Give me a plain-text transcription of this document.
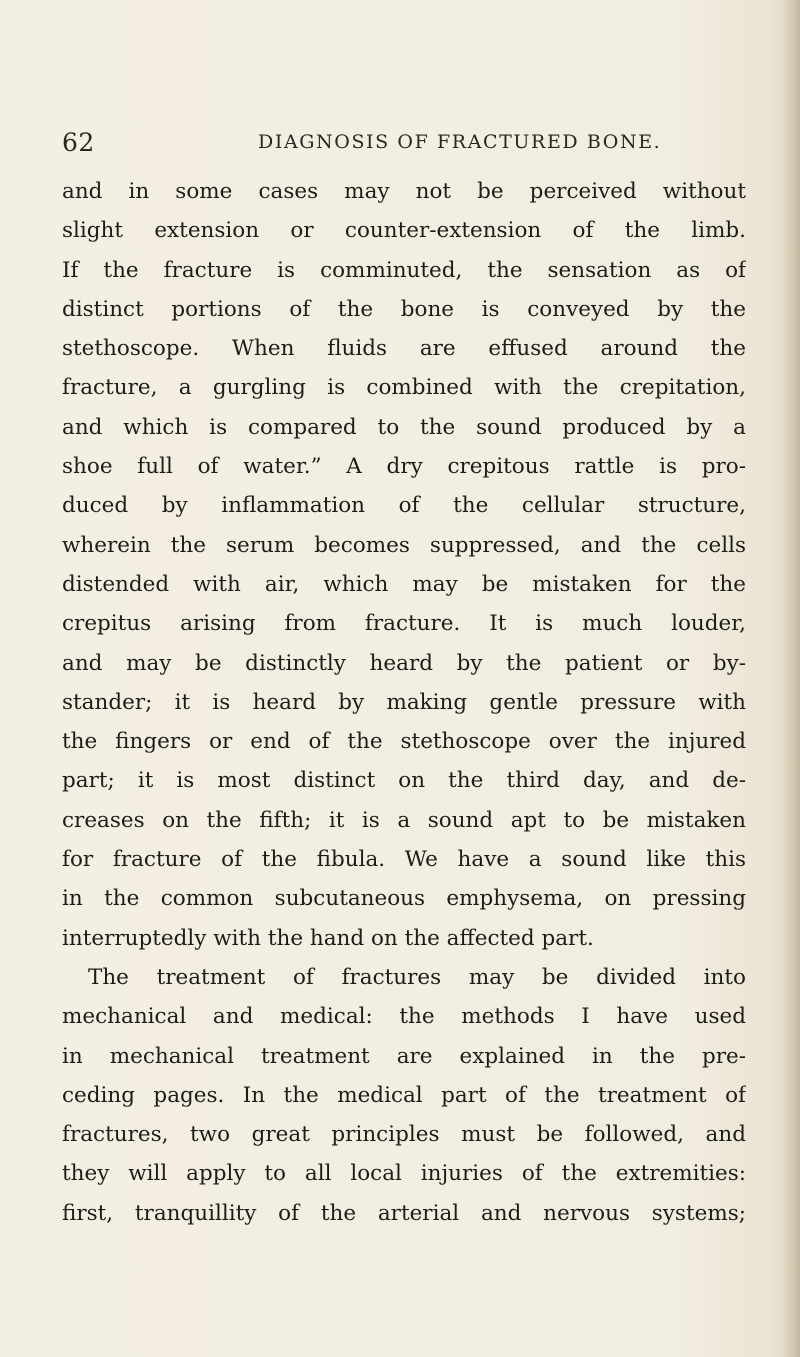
62	DIAGNOSIS OF FRACTURED BONE.
and in some cases may not be perceived without
slight extension or counter-extension of the limb.
If the fracture is comminuted, the sensation as of
distinct portions of the bone is conveyed by the
stethoscope. When fluids are effused around the
fracture, a gurgling is combined with the crepitation,
and which is compared to the sound produced by a
shoe full of water.” A dry crepitous rattle is pro-
duced by inflammation of the cellular structure,
wherein the serum becomes suppressed, and the cells
distended with air, which may be mistaken for the
crepitus arising from fracture. It is much louder,
and may be distinctly heard by the patient or by-
stander; it is heard by making gentle pressure with
the fingers or end of the stethoscope over the injured
part; it is most distinct on the third day, and de-
creases on the fifth; it is a sound apt to be mistaken
for fracture of the fibula. We have a sound like this
in the common subcutaneous emphysema, on pressing
interruptedly with the hand on the affected part.
The treatment of fractures may be divided into
mechanical and medical: the methods I have used
in mechanical treatment are explained in the pre-
ceding pages. In the medical part of the treatment of
fractures, two great principles must be followed, and
they will apply to all local injuries of the extremities:
first, tranquillity of the arterial and nervous systems;
